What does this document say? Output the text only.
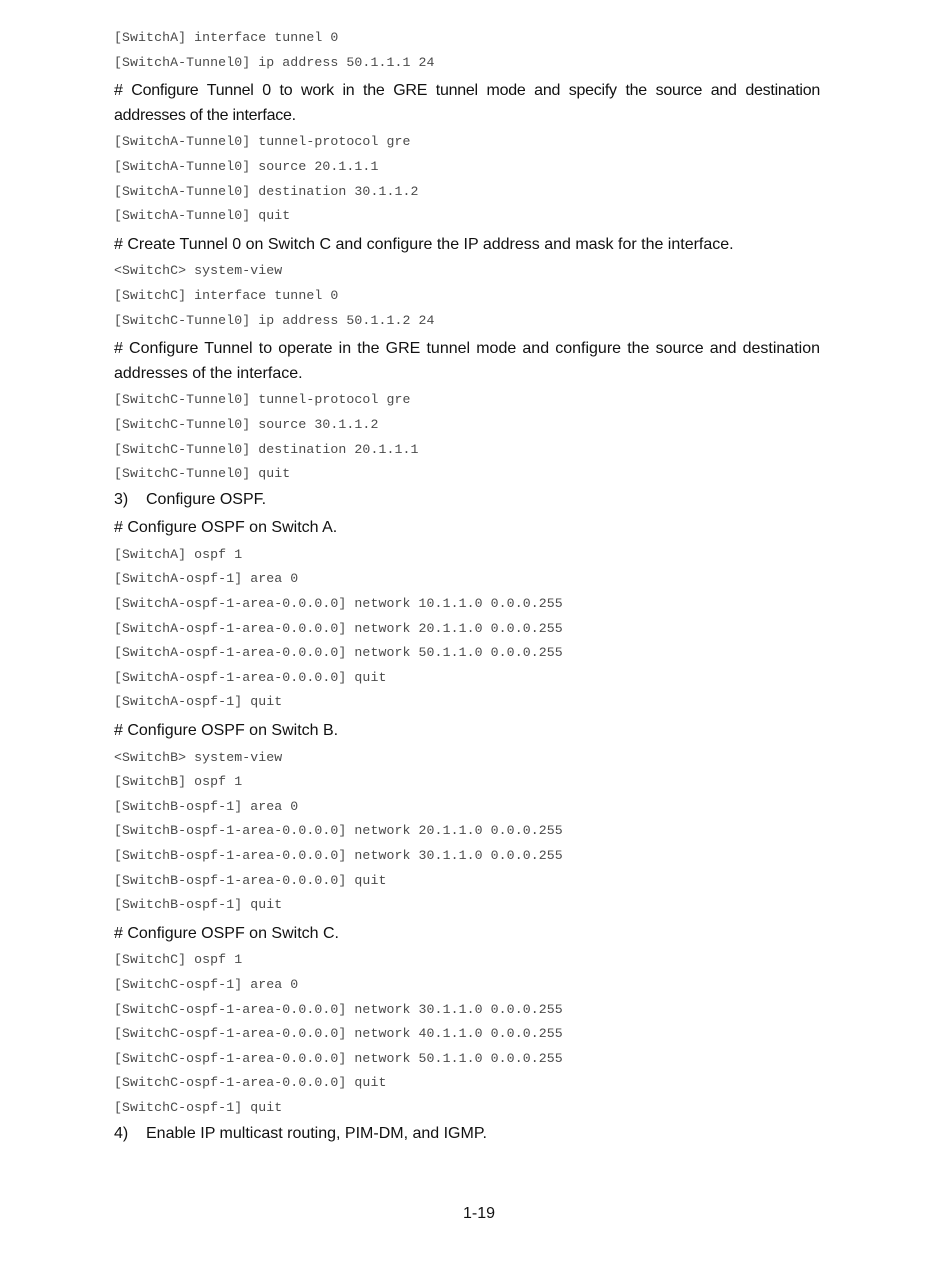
[SwitchA] interface tunnel 0
[SwitchA-Tunnel0] ip address 50.1.1.1 24
# Configure Tunnel 0 to work in the GRE tunnel mode and specify the source and destination addresses of the interface.
[SwitchA-Tunnel0] tunnel-protocol gre
[SwitchA-Tunnel0] source 20.1.1.1
[SwitchA-Tunnel0] destination 30.1.1.2
[SwitchA-Tunnel0] quit
# Create Tunnel 0 on Switch C and configure the IP address and mask for the interface.
<SwitchC> system-view
[SwitchC] interface tunnel 0
[SwitchC-Tunnel0] ip address 50.1.1.2 24
# Configure Tunnel to operate in the GRE tunnel mode and configure the source and destination addresses of the interface.
[SwitchC-Tunnel0] tunnel-protocol gre
[SwitchC-Tunnel0] source 30.1.1.2
[SwitchC-Tunnel0] destination 20.1.1.1
[SwitchC-Tunnel0] quit
3)	Configure OSPF.
# Configure OSPF on Switch A.
[SwitchA] ospf 1
[SwitchA-ospf-1] area 0
[SwitchA-ospf-1-area-0.0.0.0] network 10.1.1.0 0.0.0.255
[SwitchA-ospf-1-area-0.0.0.0] network 20.1.1.0 0.0.0.255
[SwitchA-ospf-1-area-0.0.0.0] network 50.1.1.0 0.0.0.255
[SwitchA-ospf-1-area-0.0.0.0] quit
[SwitchA-ospf-1] quit
# Configure OSPF on Switch B.
<SwitchB> system-view
[SwitchB] ospf 1
[SwitchB-ospf-1] area 0
[SwitchB-ospf-1-area-0.0.0.0] network 20.1.1.0 0.0.0.255
[SwitchB-ospf-1-area-0.0.0.0] network 30.1.1.0 0.0.0.255
[SwitchB-ospf-1-area-0.0.0.0] quit
[SwitchB-ospf-1] quit
# Configure OSPF on Switch C.
[SwitchC] ospf 1
[SwitchC-ospf-1] area 0
[SwitchC-ospf-1-area-0.0.0.0] network 30.1.1.0 0.0.0.255
[SwitchC-ospf-1-area-0.0.0.0] network 40.1.1.0 0.0.0.255
[SwitchC-ospf-1-area-0.0.0.0] network 50.1.1.0 0.0.0.255
[SwitchC-ospf-1-area-0.0.0.0] quit
[SwitchC-ospf-1] quit
4)	Enable IP multicast routing, PIM-DM, and IGMP.
1-19
